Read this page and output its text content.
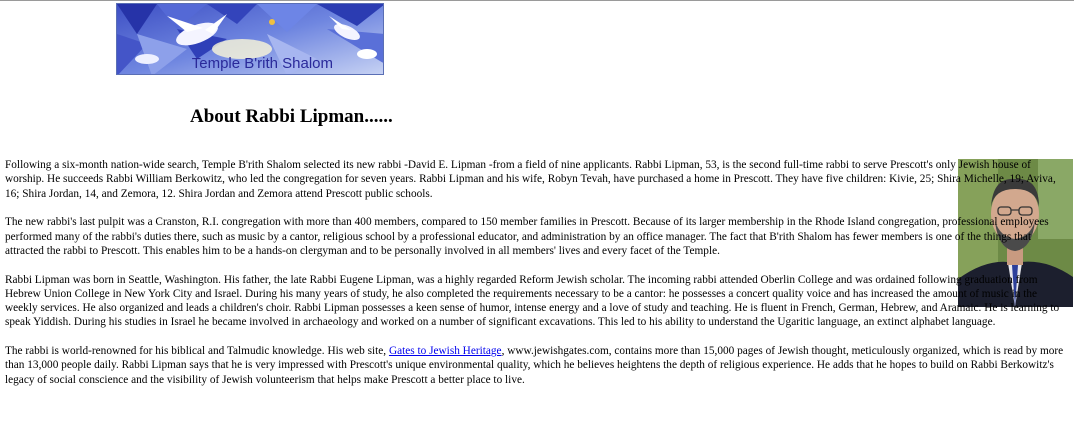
Temple B'rith Shalom
About Rabbi Lipman......

Following a six-month nation-wide search, Temple B'rith Shalom selected its new rabbi -David E. Lipman -from a field of nine applicants. Rabbi Lipman, 53, is the second full-time rabbi to serve Prescott's only Jewish house of worship. He succeeds Rabbi William Berkowitz, who led the congregation for seven years. Rabbi Lipman and his wife, Robyn Tevah, have purchased a home in Prescott. They have five children: Kivie, 25; Shira Michelle, 19; Aviva, 16; Shira Jordan, 14, and Zemora, 12. Shira Jordan and Zemora attend Prescott public schools.

The new rabbi's last pulpit was a Cranston, R.I. congregation with more than 400 members, compared to 150 member families in Prescott. Because of its larger membership in the Rhode Island congregation, professional employees performed many of the rabbi's duties there, such as music by a cantor, religious school by a professional educator, and administration by an office manager. The fact that B'rith Shalom has fewer members is one of the things that attracted the rabbi to Prescott. This enables him to be a hands-on clergyman and to be personally involved in all members' lives and every facet of the Temple.

Rabbi Lipman was born in Seattle, Washington. His father, the late Rabbi Eugene Lipman, was a highly regarded Reform Jewish scholar. The incoming rabbi attended Oberlin College and was ordained following graduation from Hebrew Union College in New York City and Israel. During his many years of study, he also completed the requirements necessary to be a cantor: he possesses a concert quality voice and has increased the amount of music in the weekly services. He also organized and leads a children's choir. Rabbi Lipman possesses a keen sense of humor, intense energy and a love of study and teaching. He is fluent in French, German, Hebrew, and Aramaic. He is learning to speak Yiddish. During his studies in Israel he became involved in archaeology and worked on a number of significant excavations. This led to his ability to understand the Ugaritic language, an extinct alphabet language.

The rabbi is world-renowned for his biblical and Talmudic knowledge. His web site, Gates to Jewish Heritage, www.jewishgates.com, contains more than 15,000 pages of Jewish thought, meticulously organized, which is read by more than 13,000 people daily. Rabbi Lipman says that he is very impressed with Prescott's unique environmental quality, which he believes heightens the depth of religious experience. He adds that he hopes to build on Rabbi Berkowitz's legacy of social conscience and the visibility of Jewish volunteerism that helps make Prescott a better place to live.
